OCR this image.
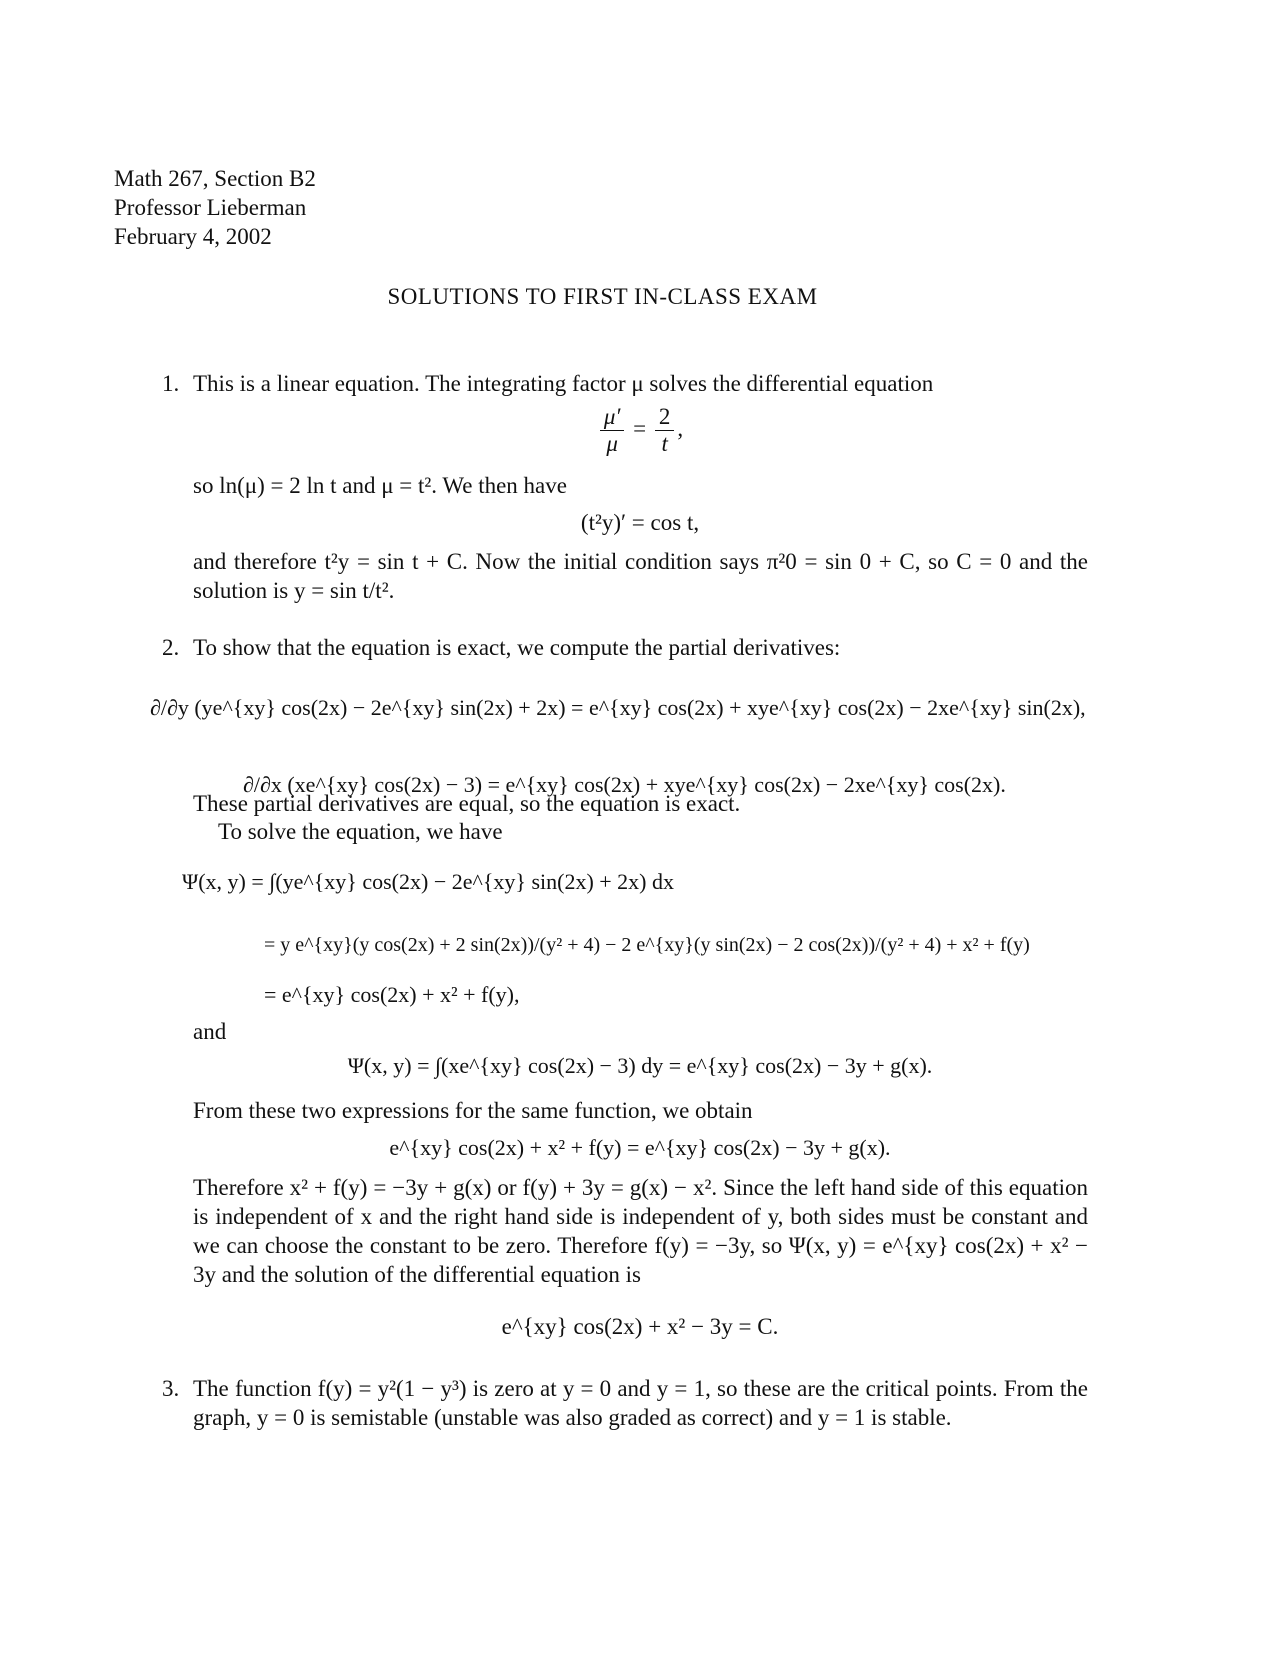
Math 267, Section B2
Professor Lieberman
February 4, 2002
SOLUTIONS TO FIRST IN-CLASS EXAM
1. This is a linear equation. The integrating factor μ solves the differential equation
$\frac{\mu'}{\mu} = \frac{2}{t}$ ,
so ln(μ) = 2 ln t and μ = t². We then have
(t²y)′ = cos t,
and therefore t²y = sin t + C. Now the initial condition says π²0 = sin 0 + C, so C = 0 and the solution is y = sin t/t².
2. To show that the equation is exact, we compute the partial derivatives:
∂/∂y (ye^{xy} cos(2x) − 2e^{xy} sin(2x) + 2x) = e^{xy} cos(2x) + xye^{xy} cos(2x) − 2xe^{xy} sin(2x),
∂/∂x (xe^{xy} cos(2x) − 3) = e^{xy} cos(2x) + xye^{xy} cos(2x) − 2xe^{xy} cos(2x).
These partial derivatives are equal, so the equation is exact.
To solve the equation, we have
Ψ(x, y) = ∫(ye^{xy} cos(2x) − 2e^{xy} sin(2x) + 2x) dx
= e^{xy} cos(2x) + x² + f(y),
= y e^{xy}(y cos(2x) + 2 sin(2x))/(y² + 4) − 2 e^{xy}(y sin(2x) − 2 cos(2x))/(y² + 4) + x² + f(y)
and
Ψ(x, y) = ∫(xe^{xy} cos(2x) − 3) dy = e^{xy} cos(2x) − 3y + g(x).
From these two expressions for the same function, we obtain
e^{xy} cos(2x) + x² + f(y) = e^{xy} cos(2x) − 3y + g(x).
Therefore x² + f(y) = −3y + g(x) or f(y) + 3y = g(x) − x². Since the left hand side of this equation is independent of x and the right hand side is independent of y, both sides must be constant and we can choose the constant to be zero. Therefore f(y) = −3y, so Ψ(x, y) = e^{xy} cos(2x) + x² − 3y and the solution of the differential equation is
e^{xy} cos(2x) + x² − 3y = C.
3. The function f(y) = y²(1 − y³) is zero at y = 0 and y = 1, so these are the critical points. From the graph, y = 0 is semistable (unstable was also graded as correct) and y = 1 is stable.
